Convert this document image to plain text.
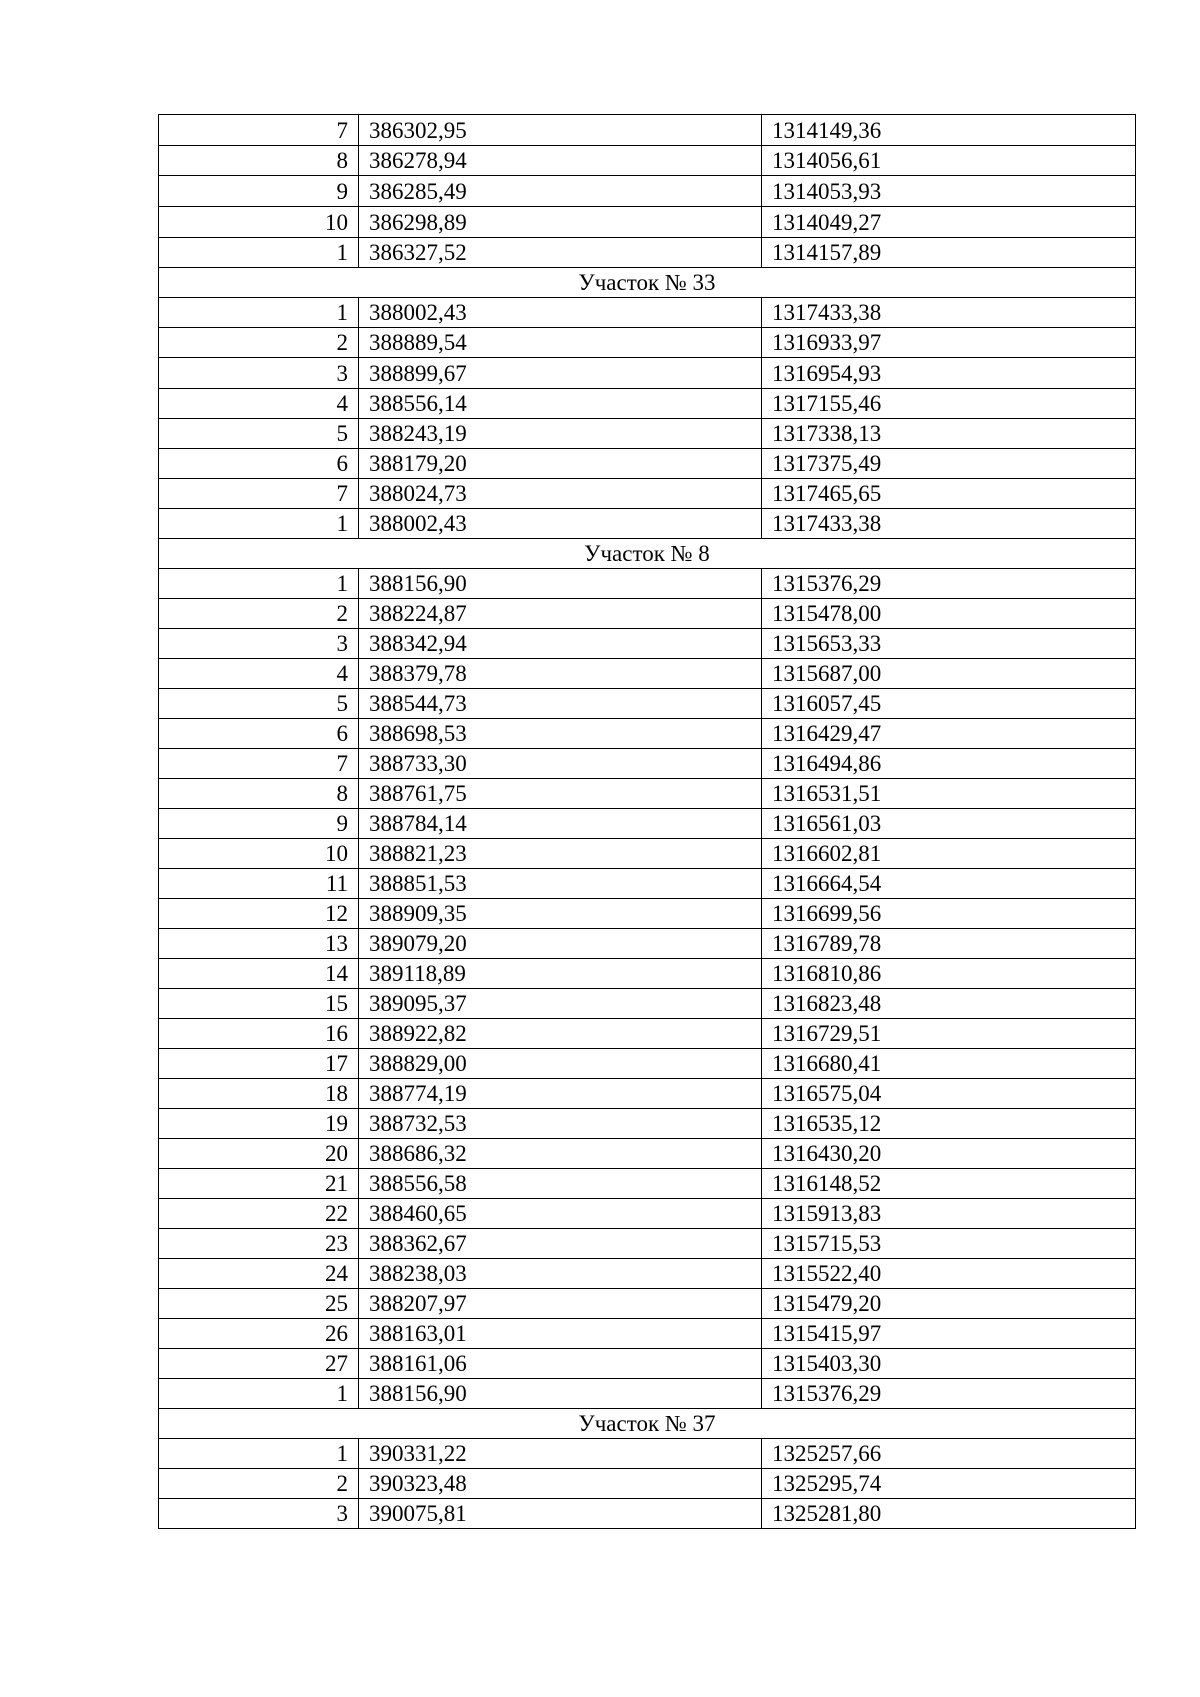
7	386302,95	1314149,36
8	386278,94	1314056,61
9	386285,49	1314053,93
10	386298,89	1314049,27
1	386327,52	1314157,89
Участок № 33		
1	388002,43	1317433,38
2	388889,54	1316933,97
3	388899,67	1316954,93
4	388556,14	1317155,46
5	388243,19	1317338,13
6	388179,20	1317375,49
7	388024,73	1317465,65
1	388002,43	1317433,38
Участок № 8		
1	388156,90	1315376,29
2	388224,87	1315478,00
3	388342,94	1315653,33
4	388379,78	1315687,00
5	388544,73	1316057,45
6	388698,53	1316429,47
7	388733,30	1316494,86
8	388761,75	1316531,51
9	388784,14	1316561,03
10	388821,23	1316602,81
11	388851,53	1316664,54
12	388909,35	1316699,56
13	389079,20	1316789,78
14	389118,89	1316810,86
15	389095,37	1316823,48
16	388922,82	1316729,51
17	388829,00	1316680,41
18	388774,19	1316575,04
19	388732,53	1316535,12
20	388686,32	1316430,20
21	388556,58	1316148,52
22	388460,65	1315913,83
23	388362,67	1315715,53
24	388238,03	1315522,40
25	388207,97	1315479,20
26	388163,01	1315415,97
27	388161,06	1315403,30
1	388156,90	1315376,29
Участок № 37		
1	390331,22	1325257,66
2	390323,48	1325295,74
3	390075,81	1325281,80
